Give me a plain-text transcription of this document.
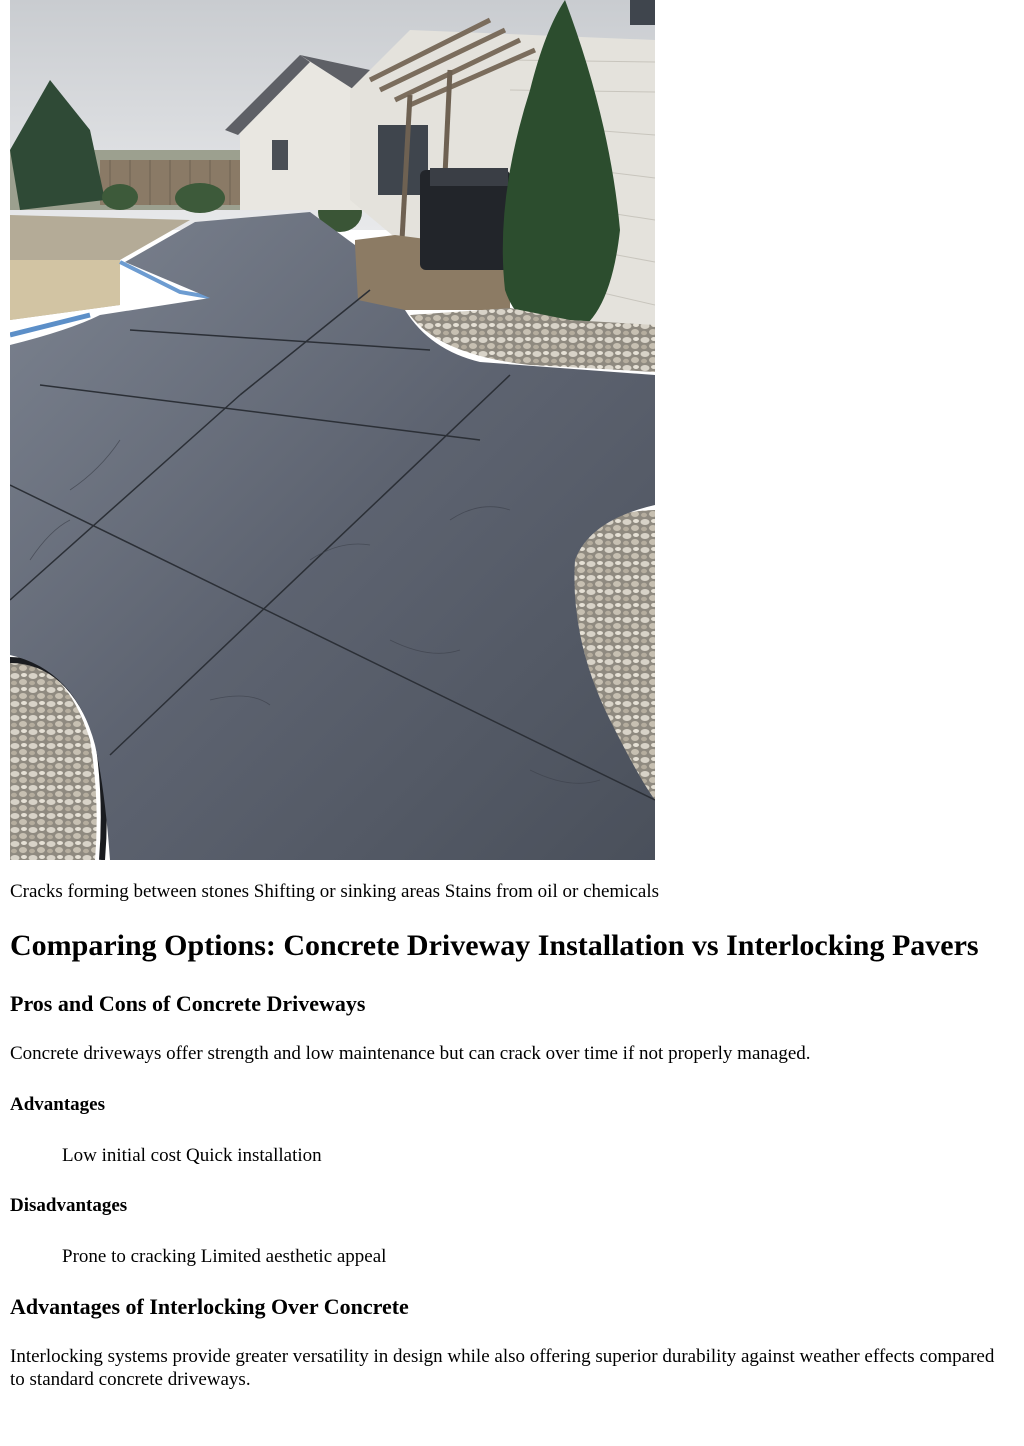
Cracks forming between stones Shifting or sinking areas Stains from oil or chemicals

Comparing Options: Concrete Driveway Installation vs Interlocking Pavers
Pros and Cons of Concrete Driveways

Concrete driveways offer strength and low maintenance but can crack over time if not properly managed.

Advantages

Low initial cost Quick installation

Disadvantages

Prone to cracking Limited aesthetic appeal

Advantages of Interlocking Over Concrete

Interlocking systems provide greater versatility in design while also offering superior durability against weather effects compared to standard concrete driveways.
